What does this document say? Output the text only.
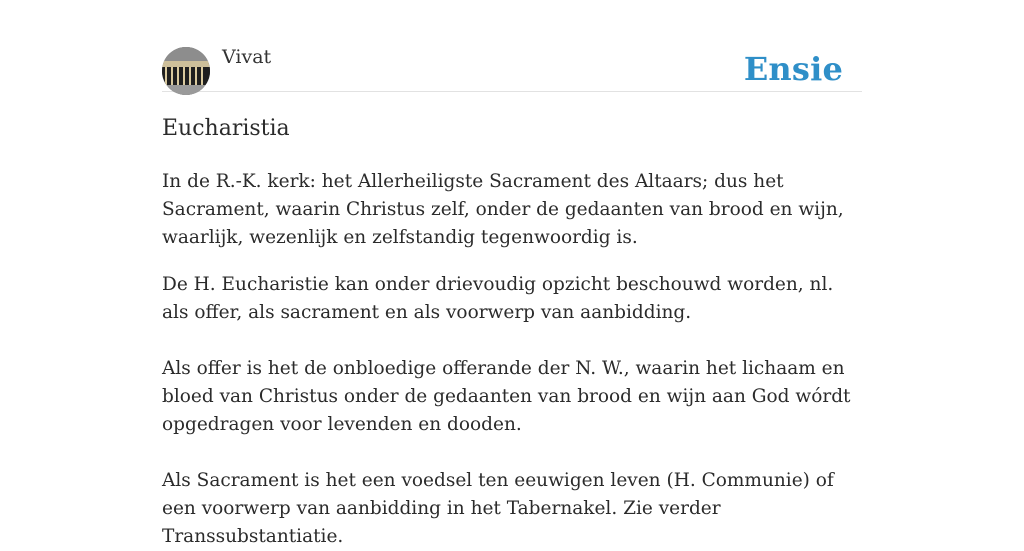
Vivat	Ensie
Eucharistia

In de R.-K. kerk: het Allerheiligste Sacrament des Altaars; dus het Sacrament, waarin Christus zelf, onder de gedaanten van brood en wijn, waarlijk, wezenlijk en zelfstandig tegenwoordig is.

De H. Eucharistie kan onder drievoudig opzicht beschouwd worden, nl. als offer, als sacrament en als voorwerp van aanbidding.

Als offer is het de onbloedige offerande der N. W., waarin het lichaam en bloed van Christus onder de gedaanten van brood en wijn aan God wórdt opgedragen voor levenden en dooden.

Als Sacrament is het een voedsel ten eeuwigen leven (H. Communie) of een voorwerp van aanbidding in het Tabernakel. Zie verder Transsubstantiatie.
